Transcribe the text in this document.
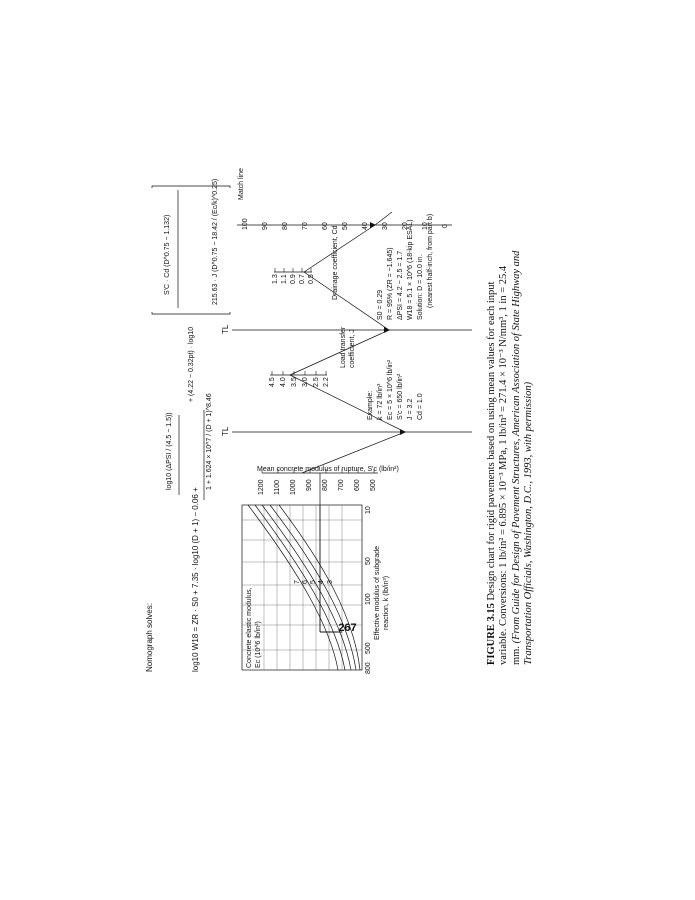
Nomograph solves:	log10 W18 = ZR · S0 + 7.35 · log10 (D + 1) − 0.06 +
log10 (ΔPSI / (4.5 − 1.5))	1 + 1.624 × 10^7 / (D + 1)^8.46
+ (4.22 − 0.32pt) · log10
S'C · Cd (D^0.75 − 1.132)	215.63 · J (D^0.75 − 18.42 / (Ec/k)^0.25)
Concrete elastic modulus, Ec (10^6 lb/in²)
7 6 5 4 3
800
500
100
50
10
Effective modulus of subgrade reaction, k (lb/in³)
1200 1100 1000 900 800 700 600 500
Mean concrete modulus of rupture, S'c (lb/in²)
TL
TL
4.5 4.0 3.5 3.0 2.5 2.2
Load transfer coefficient, J
1.3 1.1 0.9 0.7 0.5 Drainage coefficient, Cd
Match line
0
Example: k = 72 lb/in³ Ec = 5 × 10^6 lb/in² S'c = 650 lb/in² J = 3.2 Cd = 1.0
S0 = 0.29 R = 95% (ZR = −1.645) ΔPSI = 4.2 − 2.5 = 1.7 W18 = 5.1 × 10^6 (18-kip ESAL) Solution: D = 10.0 in. (nearest half-inch, from part b)
10
20
30
40
50
60
70
80
90
100
FIGURE 3.15 Design chart for rigid pavements based on using mean values for each input variable. Conversions: 1 lb/in² = 6.895 × 10⁻³ MPa, 1 lb/in³ = 271.4 × 10⁻³ N/mm³, 1 in = 25.4 mm. (From Guide for Design of Pavement Structures, American Association of State Highway and Transportation Officials, Washington, D.C., 1993, with permission)
267
